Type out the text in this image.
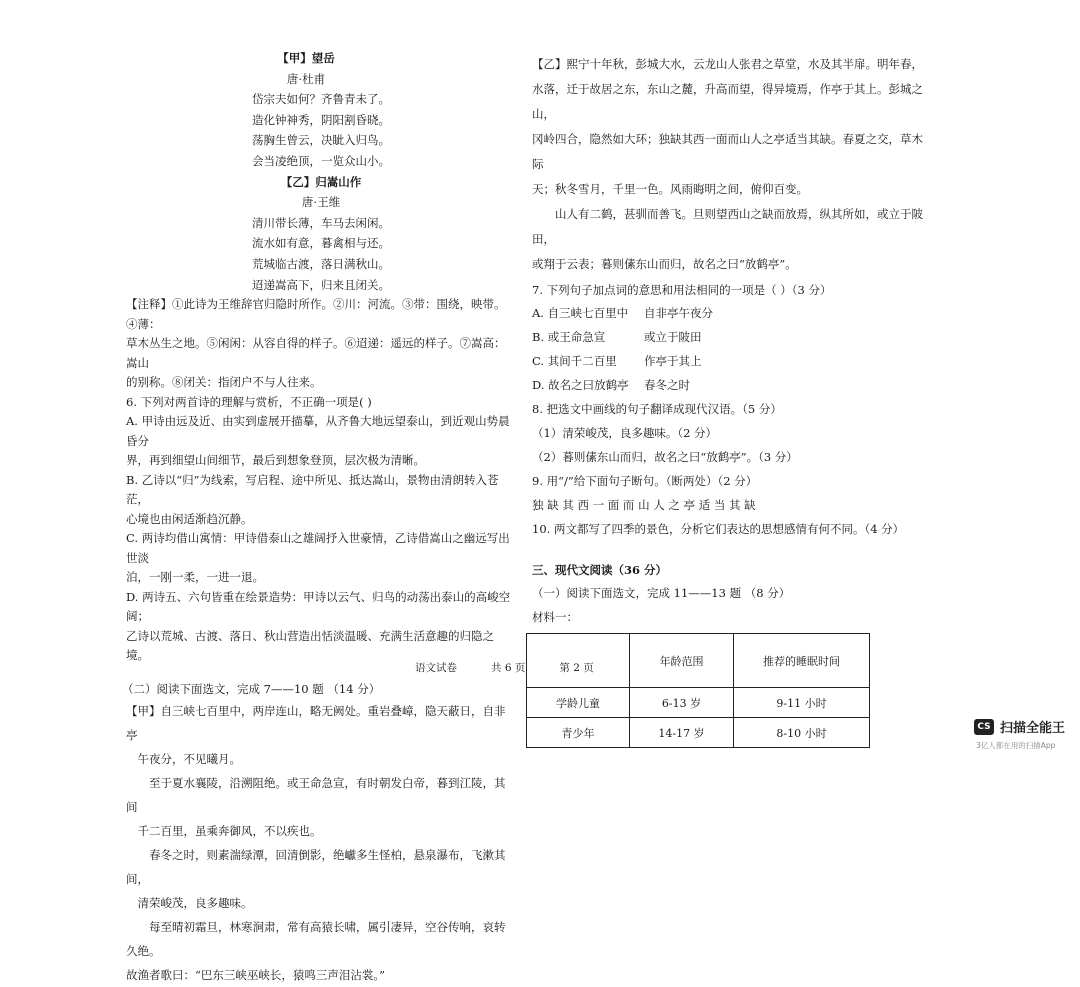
【甲】望岳
唐·杜甫
岱宗夫如何？齐鲁青未了。
造化钟神秀，阴阳割昏晓。
荡胸生曾云，决眦入归鸟。
会当凌绝顶，一览众山小。
【乙】归嵩山作
唐·王维
清川带长薄，车马去闲闲。
流水如有意，暮禽相与还。
荒城临古渡，落日满秋山。
迢递嵩高下，归来且闭关。
【注释】①此诗为王维辞官归隐时所作。②川：河流。③带：围绕，映带。④薄：
草木丛生之地。⑤闲闲：从容自得的样子。⑥迢递：遥远的样子。⑦嵩高：嵩山
的别称。⑧闭关：指闭户不与人往来。
6. 下列对两首诗的理解与赏析，不正确一项是( )
A. 甲诗由远及近、由实到虚展开描摹，从齐鲁大地远望泰山，到近观山势晨昏分
界，再到细望山间细节，最后到想象登顶，层次极为清晰。
B. 乙诗以“归”为线索，写启程、途中所见、抵达嵩山，景物由清朗转入苍茫，
心境也由闲适渐趋沉静。
C. 两诗均借山寓情：甲诗借泰山之雄阔抒入世豪情，乙诗借嵩山之幽远写出世淡
泊，一刚一柔，一进一退。
D. 两诗五、六句皆重在绘景造势：甲诗以云气、归鸟的动荡出泰山的高峻空阔；
乙诗以荒城、古渡、落日、秋山营造出恬淡温暖、充满生活意趣的归隐之境。
（二）阅读下面选文，完成 7——10 题 （14 分）
【甲】自三峡七百里中，两岸连山，略无阙处。重岩叠嶂，隐天蔽日，自非亭
午夜分，不见曦月。
至于夏水襄陵，沿溯阻绝。或王命急宣，有时朝发白帝，暮到江陵，其间
千二百里，虽乘奔御风，不以疾也。
春冬之时，则素湍绿潭，回清倒影，绝巘多生怪柏，悬泉瀑布，飞漱其间，
清荣峻茂，良多趣味。
每至晴初霜旦，林寒涧肃，常有高猿长啸，属引凄异，空谷传响，哀转久绝。
故渔者歌曰：“巴东三峡巫峡长，猿鸣三声泪沾裳。”
【乙】熙宁十年秋，彭城大水，云龙山人张君之草堂，水及其半扉。明年春，
水落，迁于故居之东，东山之麓，升高而望，得异境焉，作亭于其上。彭城之山，
冈岭四合，隐然如大环；独缺其西一面而山人之亭适当其缺。春夏之交，草木际
天；秋冬雪月，千里一色。风雨晦明之间，俯仰百变。
山人有二鹤，甚驯而善飞。旦则望西山之缺而放焉，纵其所如，或立于陂田，
或翔于云表；暮则傃东山而归，故名之曰“放鹤亭”。
7. 下列句子加点词的意思和用法相同的一项是（ ）（3 分）
A. 自三峡七百里中	自非亭午夜分
B. 或王命急宣	或立于陂田
C. 其间千二百里	作亭于其上
D. 故名之曰放鹤亭	春冬之时
8. 把选文中画线的句子翻译成现代汉语。（5 分）
（1）清荣峻茂，良多趣味。（2 分）
（2）暮则傃东山而归，故名之曰“放鹤亭”。（3 分）
9. 用“/”给下面句子断句。（断两处）（2 分）
独 缺 其 西 一 面 而 山 人 之 亭 适 当 其 缺
10. 两文都写了四季的景色，分析它们表达的思想感情有何不同。（4 分）
三、现代文阅读（36 分）
（一）阅读下面选文，完成 11——13 题 （8 分）
材料一：
	年龄范围	推荐的睡眠时间
学龄儿童	6-13 岁	9-11 小时
青少年	14-17 岁	8-10 小时
语文试卷	共 6 页	第 2 页
CS 扫描全能王
3亿人都在用的扫描App
